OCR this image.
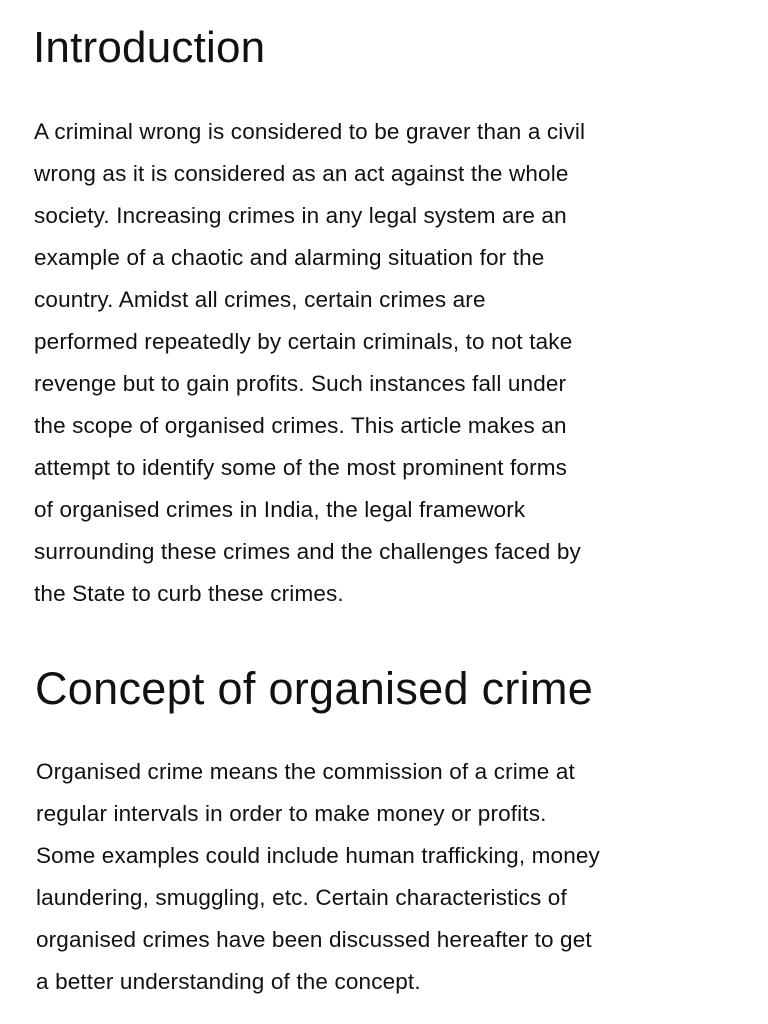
Introduction

A criminal wrong is considered to be graver than a civil
wrong as it is considered as an act against the whole
society. Increasing crimes in any legal system are an
example of a chaotic and alarming situation for the
country. Amidst all crimes, certain crimes are
performed repeatedly by certain criminals, to not take
revenge but to gain profits. Such instances fall under
the scope of organised crimes. This article makes an
attempt to identify some of the most prominent forms
of organised crimes in India, the legal framework
surrounding these crimes and the challenges faced by
the State to curb these crimes.

Concept of organised crime

Organised crime means the commission of a crime at
regular intervals in order to make money or profits.
Some examples could include human trafficking, money
laundering, smuggling, etc. Certain characteristics of
organised crimes have been discussed hereafter to get
a better understanding of the concept.
